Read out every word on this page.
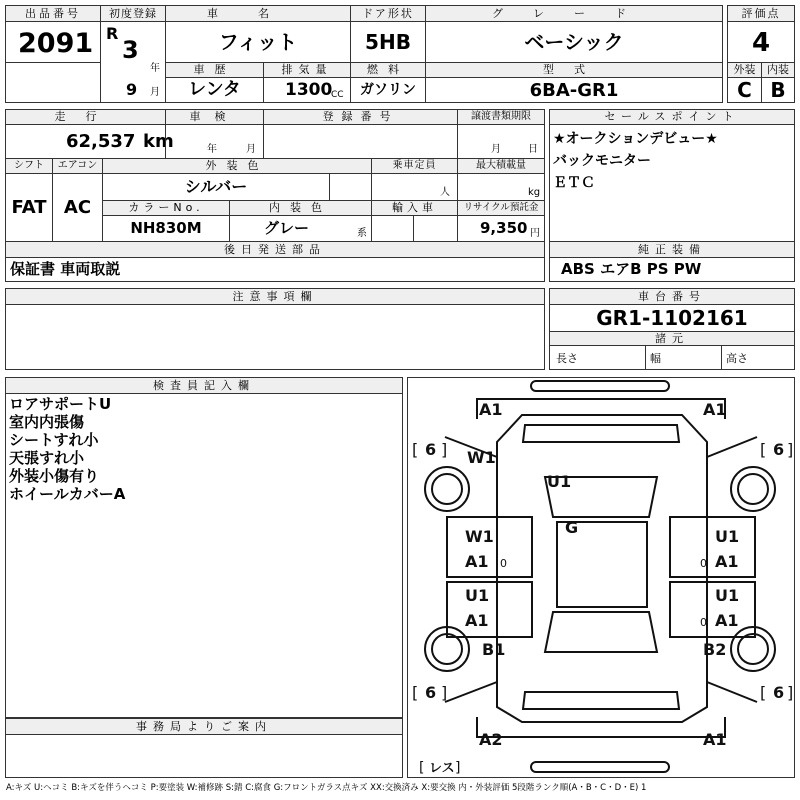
出品番号
2091
初度登録
R
3
年
9 月
車名
フィット
車歴
レンタ
排気量
1300
CC
ドア形状
5HB
燃料
ガソリン
グレード
ベーシック
型式
6BA-GR1
評価点
4
外装	内装
C B
走行
62,537 km
車検
年	月
登録番号	譲渡書類期限
月	日
シフト
FAT
エアコン
AC
外装色
シルバー
乗車定員
人
最大積載量
kg
カラーNo.
NH830M
内装色
グレー	系
輸入車	リサイクル預託金
9,350 円
後日発送部品
保証書 車両取説
セールスポイント
★オークションデビュー★
バックモニター
ＥＴＣ
純正装備
ABS エアB PS PW
注意事項欄	車台番号
GR1-1102161
諸元
長さ	幅	高さ
検査員記入欄
ロアサポートU
室内内張傷
シートすれ小
天張すれ小
外装小傷有り
ホイールカバーA
事務局よりご案内
A1	A1
[ 6 ]	[ 6 ]
W1
U1
G
W1
A1 0
U1
A1
0
U1
A1
U1
A1
0
B1	B2
[ 6 ]	[ 6 ]
A2	A1
[ レス ]
A:キズ U:ヘコミ B:キズを伴うヘコミ P:要塗装 W:補修跡 S:錆 C:腐食 G:フロントガラス点キズ XX:交換済み X:要交換 内・外装評価 5段階ランク順(A・B・C・D・E) 1
